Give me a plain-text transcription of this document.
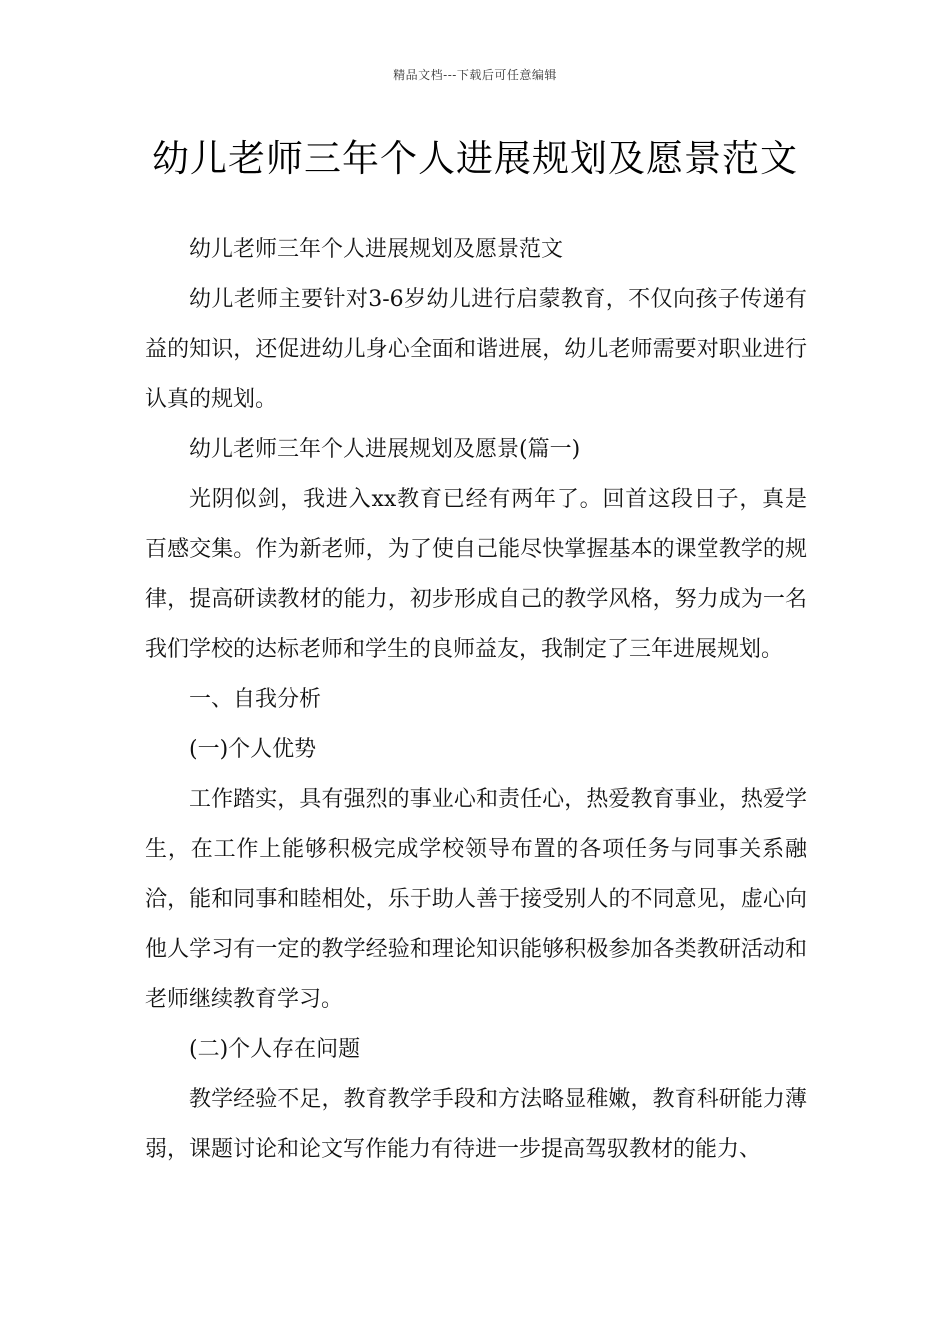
精品文档---下载后可任意编辑
幼儿老师三年个人进展规划及愿景范文

幼儿老师三年个人进展规划及愿景范文

幼儿老师主要针对3-6岁幼儿进行启蒙教育，不仅向孩子传递有益的知识，还促进幼儿身心全面和谐进展，幼儿老师需要对职业进行认真的规划。

幼儿老师三年个人进展规划及愿景(篇一)

光阴似剑，我进入xx教育已经有两年了。回首这段日子，真是百感交集。作为新老师，为了使自己能尽快掌握基本的课堂教学的规律，提高研读教材的能力，初步形成自己的教学风格，努力成为一名我们学校的达标老师和学生的良师益友，我制定了三年进展规划。

一、自我分析

(一)个人优势

工作踏实，具有强烈的事业心和责任心，热爱教育事业，热爱学生，在工作上能够积极完成学校领导布置的各项任务与同事关系融洽，能和同事和睦相处，乐于助人善于接受别人的不同意见，虚心向他人学习有一定的教学经验和理论知识能够积极参加各类教研活动和老师继续教育学习。

(二)个人存在问题

教学经验不足，教育教学手段和方法略显稚嫩，教育科研能力薄弱，课题讨论和论文写作能力有待进一步提高驾驭教材的能力、
